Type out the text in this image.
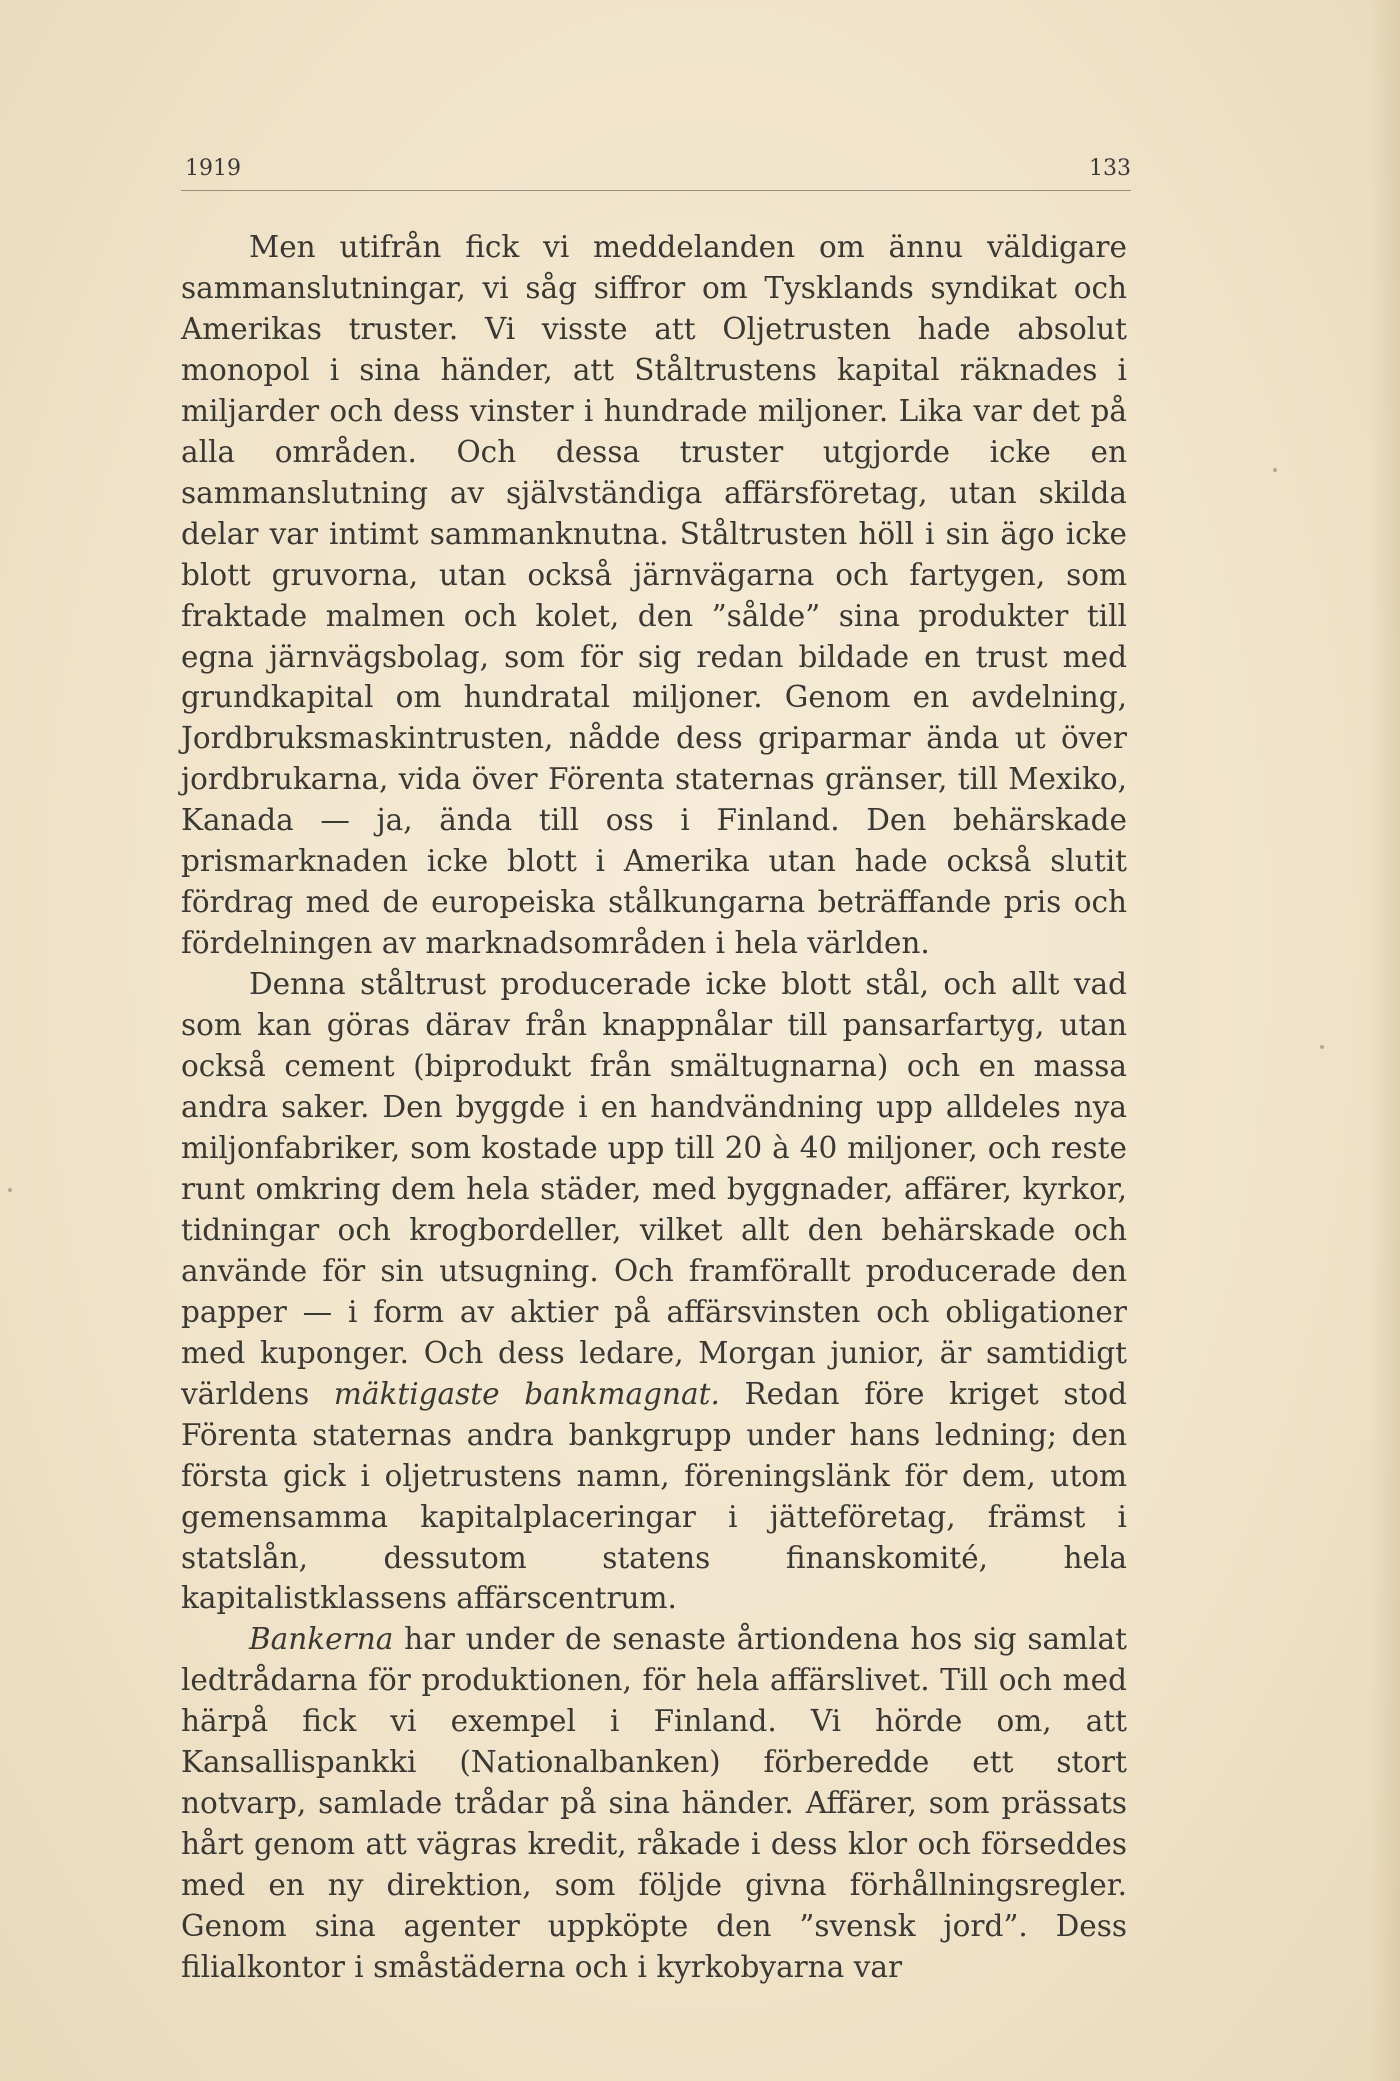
1919	133

Men utifrån fick vi meddelanden om ännu väldigare sammanslutningar, vi såg siffror om Tysklands syndikat och Amerikas truster. Vi visste att Oljetrusten hade absolut monopol i sina händer, att Ståltrustens kapital räknades i miljarder och dess vinster i hundrade miljoner. Lika var det på alla områden. Och dessa truster utgjorde icke en sammanslutning av självständiga affärsföretag, utan skilda delar var intimt sammanknutna. Ståltrusten höll i sin ägo icke blott gruvorna, utan också järnvägarna och fartygen, som fraktade malmen och kolet, den ”sålde” sina produkter till egna järnvägsbolag, som för sig redan bildade en trust med grundkapital om hundratal miljoner. Genom en avdelning, Jordbruksmaskintrusten, nådde dess griparmar ända ut över jordbrukarna, vida över Förenta staternas gränser, till Mexiko, Kanada — ja, ända till oss i Finland. Den behärskade prismarknaden icke blott i Amerika utan hade också slutit fördrag med de europeiska stålkungarna beträffande pris och fördelningen av marknadsområden i hela världen.

Denna ståltrust producerade icke blott stål, och allt vad som kan göras därav från knappnålar till pansarfartyg, utan också cement (biprodukt från smältugnarna) och en massa andra saker. Den byggde i en handvändning upp alldeles nya miljonfabriker, som kostade upp till 20 à 40 miljoner, och reste runt omkring dem hela städer, med byggnader, affärer, kyrkor, tidningar och krogbordeller, vilket allt den behärskade och använde för sin utsugning. Och framförallt producerade den papper — i form av aktier på affärsvinsten och obligationer med kuponger. Och dess ledare, Morgan junior, är samtidigt världens mäktigaste bankmagnat. Redan före kriget stod Förenta staternas andra bankgrupp under hans ledning; den första gick i oljetrustens namn, föreningslänk för dem, utom gemensamma kapitalplaceringar i jätteföretag, främst i statslån, dessutom statens finanskomité, hela kapitalistklassens affärscentrum.

Bankerna har under de senaste årtiondena hos sig samlat ledtrådarna för produktionen, för hela affärslivet. Till och med härpå fick vi exempel i Finland. Vi hörde om, att Kansallispankki (Nationalbanken) förberedde ett stort notvarp, samlade trådar på sina händer. Affärer, som prässats hårt genom att vägras kredit, råkade i dess klor och förseddes med en ny direktion, som följde givna förhållningsregler. Genom sina agenter uppköpte den ”svensk jord”. Dess filialkontor i småstäderna och i kyrkobyarna var
